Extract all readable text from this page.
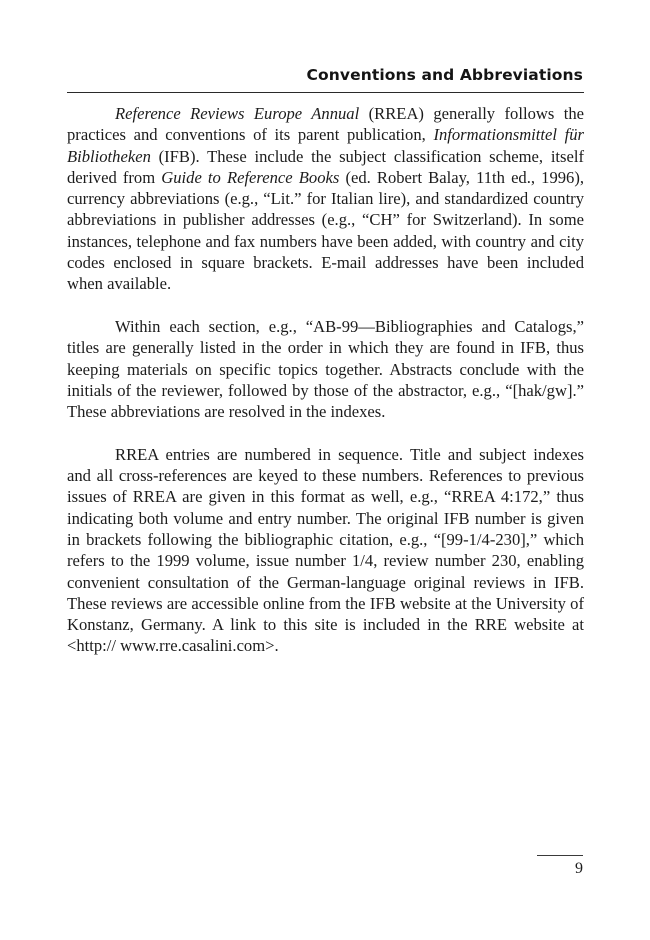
Conventions and Abbreviations

Reference Reviews Europe Annual (RREA) generally follows the practices and conventions of its parent publication, Informationsmittel für Bibliotheken (IFB). These include the subject classification scheme, itself derived from Guide to Reference Books (ed. Robert Balay, 11th ed., 1996), currency abbreviations (e.g., “Lit.” for Italian lire), and standardized country abbreviations in publisher addresses (e.g., “CH” for Switzerland). In some instances, telephone and fax numbers have been added, with country and city codes enclosed in square brackets. E-mail addresses have been included when available.

Within each section, e.g., “AB-99—Bibliographies and Catalogs,” titles are generally listed in the order in which they are found in IFB, thus keeping materials on specific topics together. Abstracts conclude with the initials of the reviewer, followed by those of the abstractor, e.g., “[hak/gw].” These abbreviations are resolved in the indexes.

RREA entries are numbered in sequence. Title and subject indexes and all cross-references are keyed to these numbers. References to previous issues of RREA are given in this format as well, e.g., “RREA 4:172,” thus indicating both volume and entry number. The original IFB number is given in brackets following the bibliographic citation, e.g., “[99-1/4-230],” which refers to the 1999 volume, issue number 1/4, review number 230, enabling convenient consultation of the German-language original reviews in IFB. These reviews are accessible online from the IFB website at the University of Konstanz, Germany. A link to this site is included in the RRE website at <http:// www.rre.casalini.com>.

9
